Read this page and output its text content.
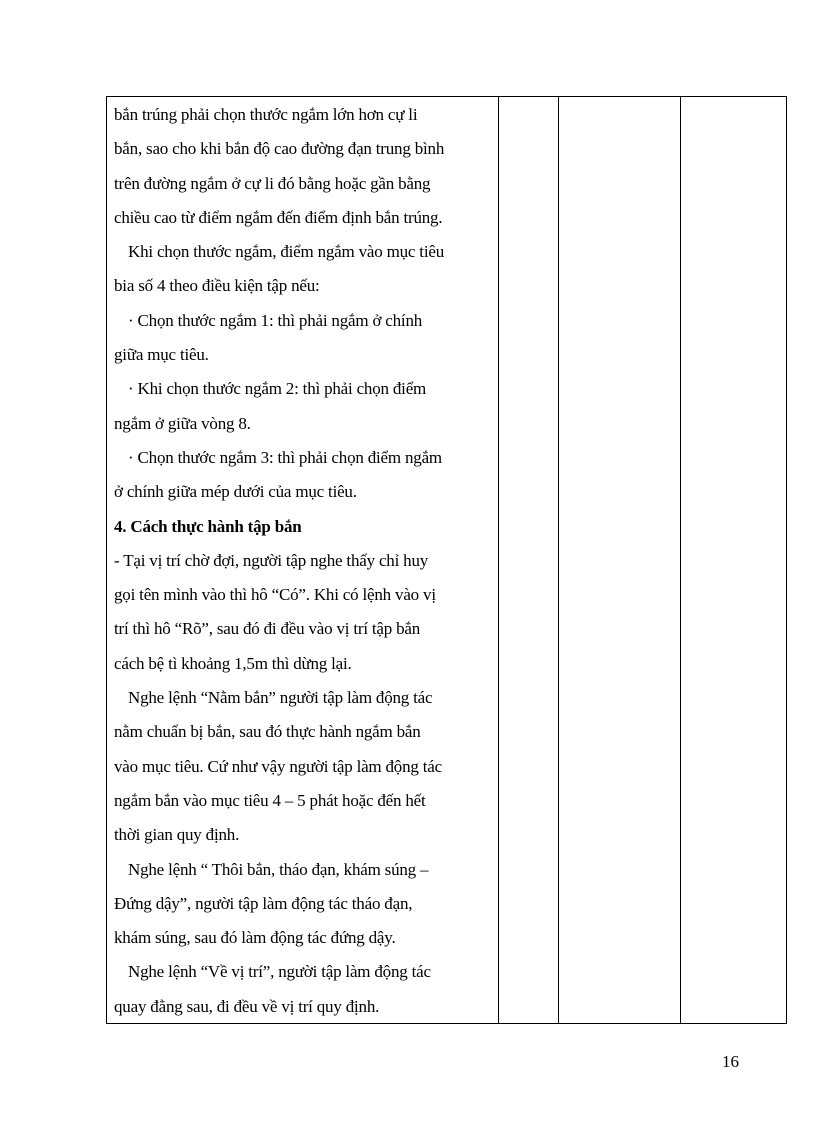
bắn trúng phải chọn thước ngắm lớn hơn cự li
bắn, sao cho khi bắn độ cao đường đạn trung bình
trên đường ngắm ở cự li đó bằng hoặc gần bằng
chiều cao từ điểm ngắm đến điểm định bắn trúng.
Khi chọn thước ngắm, điểm ngắm vào mục tiêu
bia số 4 theo điều kiện tập nếu:
· Chọn thước ngắm 1: thì phải ngắm ở chính
giữa mục tiêu.
· Khi chọn thước ngắm 2: thì phải chọn điểm
ngắm ở giữa vòng 8.
· Chọn thước ngắm 3: thì phải chọn điểm ngắm
ở chính giữa mép dưới của mục tiêu.
4. Cách thực hành tập bắn
- Tại vị trí chờ đợi, người tập nghe thấy chỉ huy
gọi tên mình vào thì hô “Có”. Khi có lệnh vào vị
trí thì hô “Rõ”, sau đó đi đều vào vị trí tập bắn
cách bệ tì khoảng 1,5m thì dừng lại.
Nghe lệnh “Nằm bắn” người tập làm động tác
nằm chuẩn bị bắn, sau đó thực hành ngắm bắn
vào mục tiêu. Cứ như vậy người tập làm động tác
ngắm bắn vào mục tiêu 4 – 5 phát hoặc đến hết
thời gian quy định.
Nghe lệnh “ Thôi bắn, tháo đạn, khám súng –
Đứng dậy”, người tập làm động tác tháo đạn,
khám súng, sau đó làm động tác đứng dậy.
Nghe lệnh “Về vị trí”, người tập làm động tác
quay đằng sau, đi đều về vị trí quy định.
16
